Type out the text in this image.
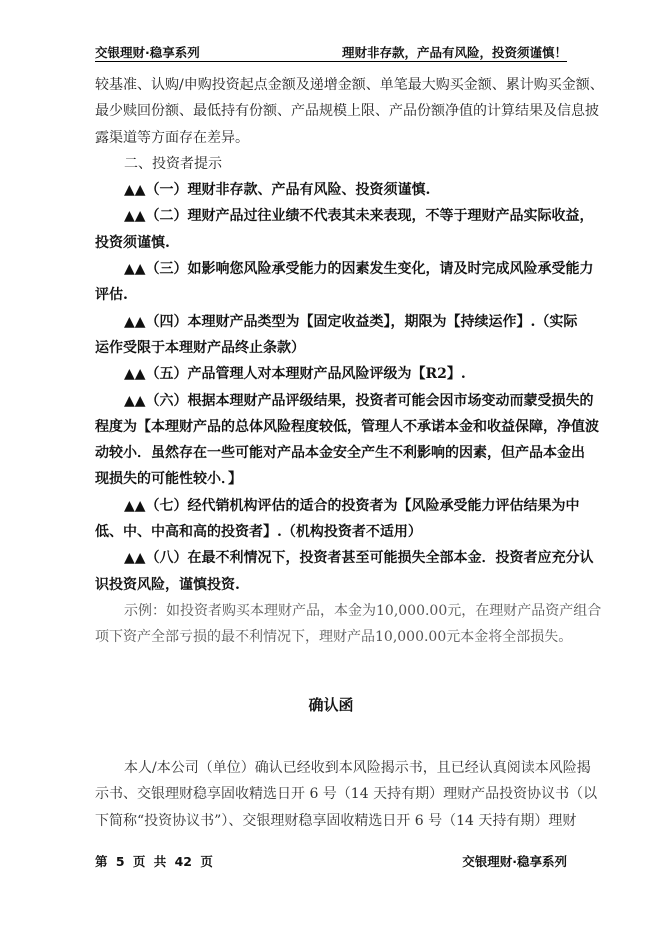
交银理财·稳享系列	理财非存款，产品有风险，投资须谨慎！
较基准、认购/申购投资起点金额及递增金额、单笔最大购买金额、累计购买金额、
最少赎回份额、最低持有份额、产品规模上限、产品份额净值的计算结果及信息披
露渠道等方面存在差异。
二、投资者提示
▲▲（一）理财非存款、产品有风险、投资须谨慎.
▲▲（二）理财产品过往业绩不代表其未来表现，不等于理财产品实际收益，
投资须谨慎.
▲▲（三）如影响您风险承受能力的因素发生变化，请及时完成风险承受能力
评估.
▲▲（四）本理财产品类型为【固定收益类】，期限为【持续运作】.（实际
运作受限于本理财产品终止条款）
▲▲（五）产品管理人对本理财产品风险评级为【R2】.
▲▲（六）根据本理财产品评级结果，投资者可能会因市场变动而蒙受损失的
程度为【本理财产品的总体风险程度较低，管理人不承诺本金和收益保障，净值波
动较小．虽然存在一些可能对产品本金安全产生不利影响的因素，但产品本金出
现损失的可能性较小．】
▲▲（七）经代销机构评估的适合的投资者为【风险承受能力评估结果为中
低、中、中高和高的投资者】.（机构投资者不适用）
▲▲（八）在最不利情况下，投资者甚至可能损失全部本金．投资者应充分认
识投资风险，谨慎投资.
示例：如投资者购买本理财产品，本金为10,000.00元，在理财产品资产组合
项下资产全部亏损的最不利情况下，理财产品10,000.00元本金将全部损失。
确认函
本人/本公司（单位）确认已经收到本风险揭示书，且已经认真阅读本风险揭
示书、交银理财稳享固收精选日开 6 号（14 天持有期）理财产品投资协议书（以
下简称“投资协议书”）、交银理财稳享固收精选日开 6 号（14 天持有期）理财
第 5 页 共 42 页	交银理财·稳享系列
